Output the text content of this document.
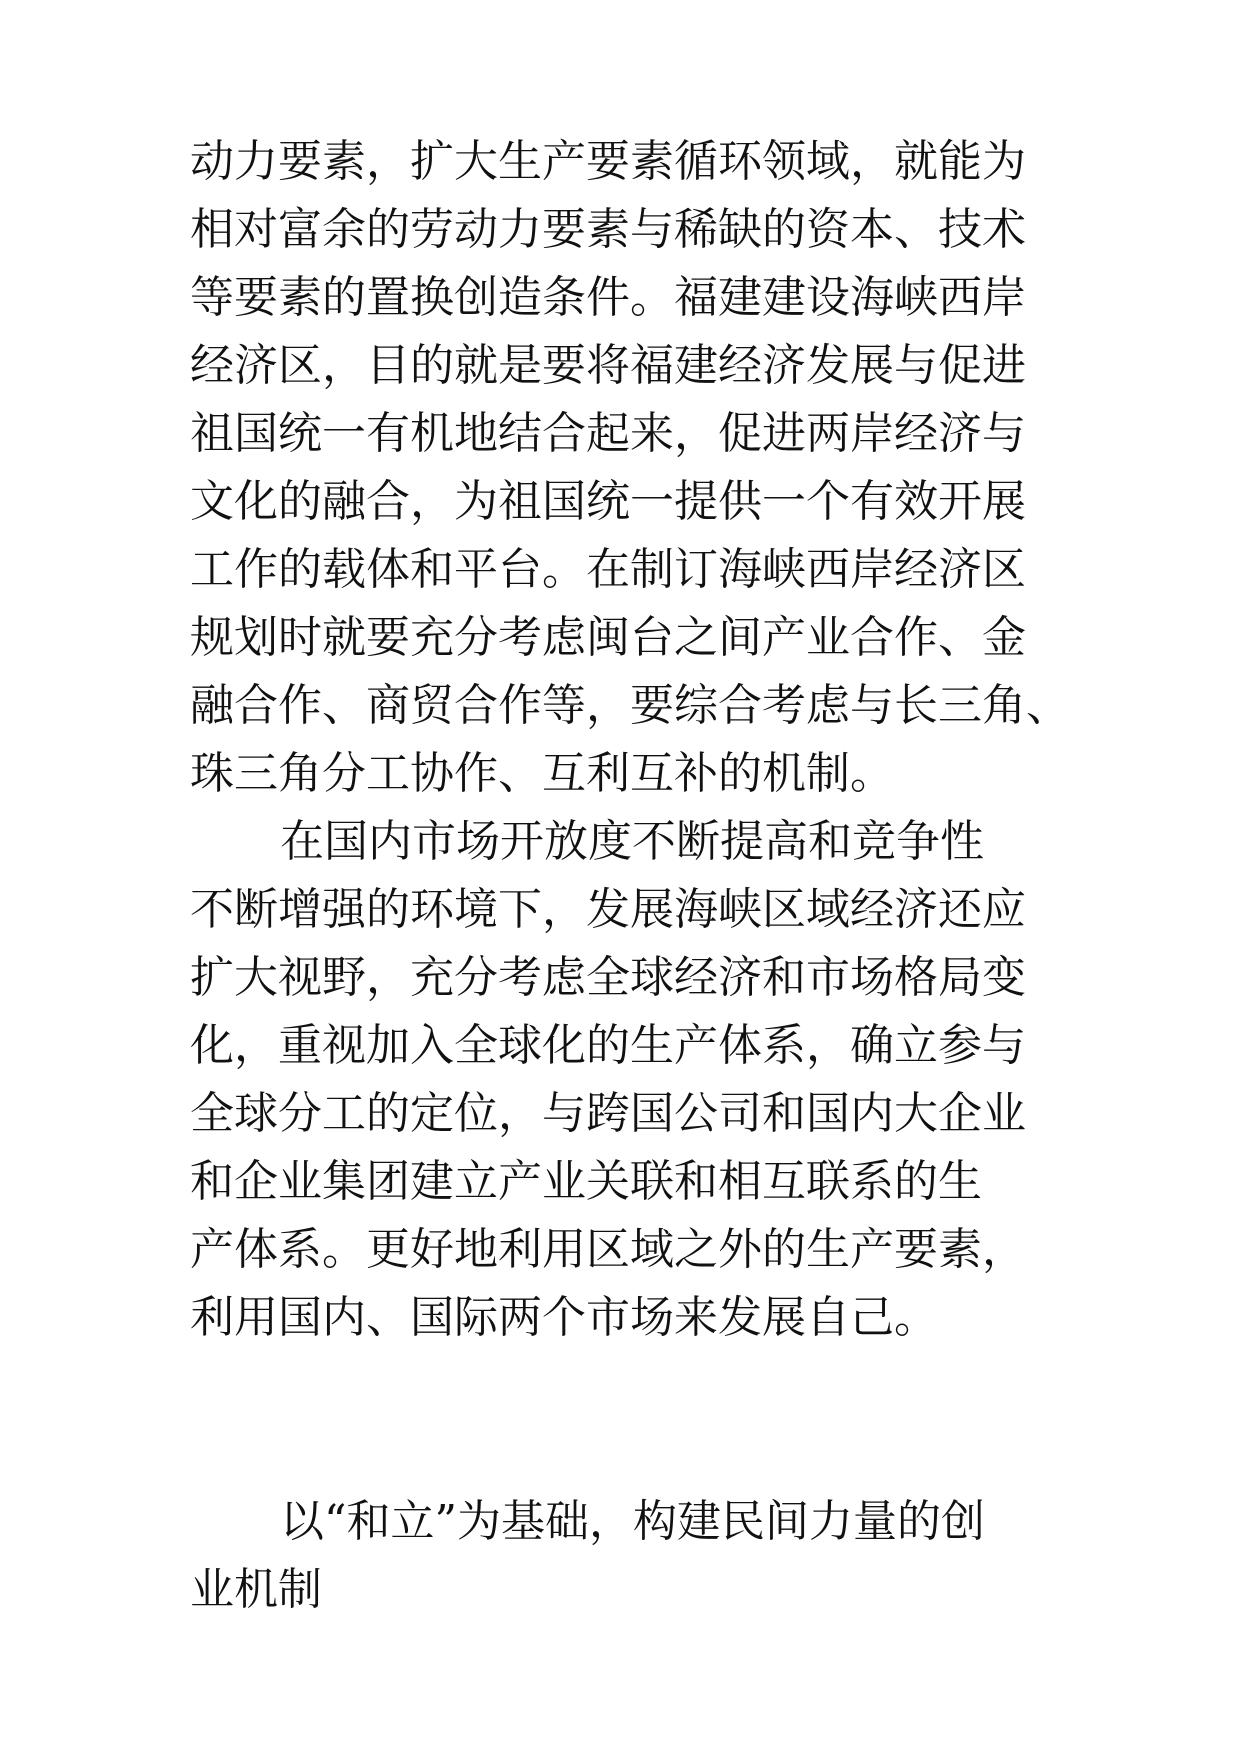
动力要素，扩大生产要素循环领域，就能为
相对富余的劳动力要素与稀缺的资本、技术
等要素的置换创造条件。福建建设海峡西岸
经济区，目的就是要将福建经济发展与促进
祖国统一有机地结合起来，促进两岸经济与
文化的融合，为祖国统一提供一个有效开展
工作的载体和平台。在制订海峡西岸经济区
规划时就要充分考虑闽台之间产业合作、金
融合作、商贸合作等，要综合考虑与长三角、
珠三角分工协作、互利互补的机制。
在国内市场开放度不断提高和竞争性
不断增强的环境下，发展海峡区域经济还应
扩大视野，充分考虑全球经济和市场格局变
化，重视加入全球化的生产体系，确立参与
全球分工的定位，与跨国公司和国内大企业
和企业集团建立产业关联和相互联系的生
产体系。更好地利用区域之外的生产要素，
利用国内、国际两个市场来发展自己。
以“和立”为基础，构建民间力量的创
业机制
